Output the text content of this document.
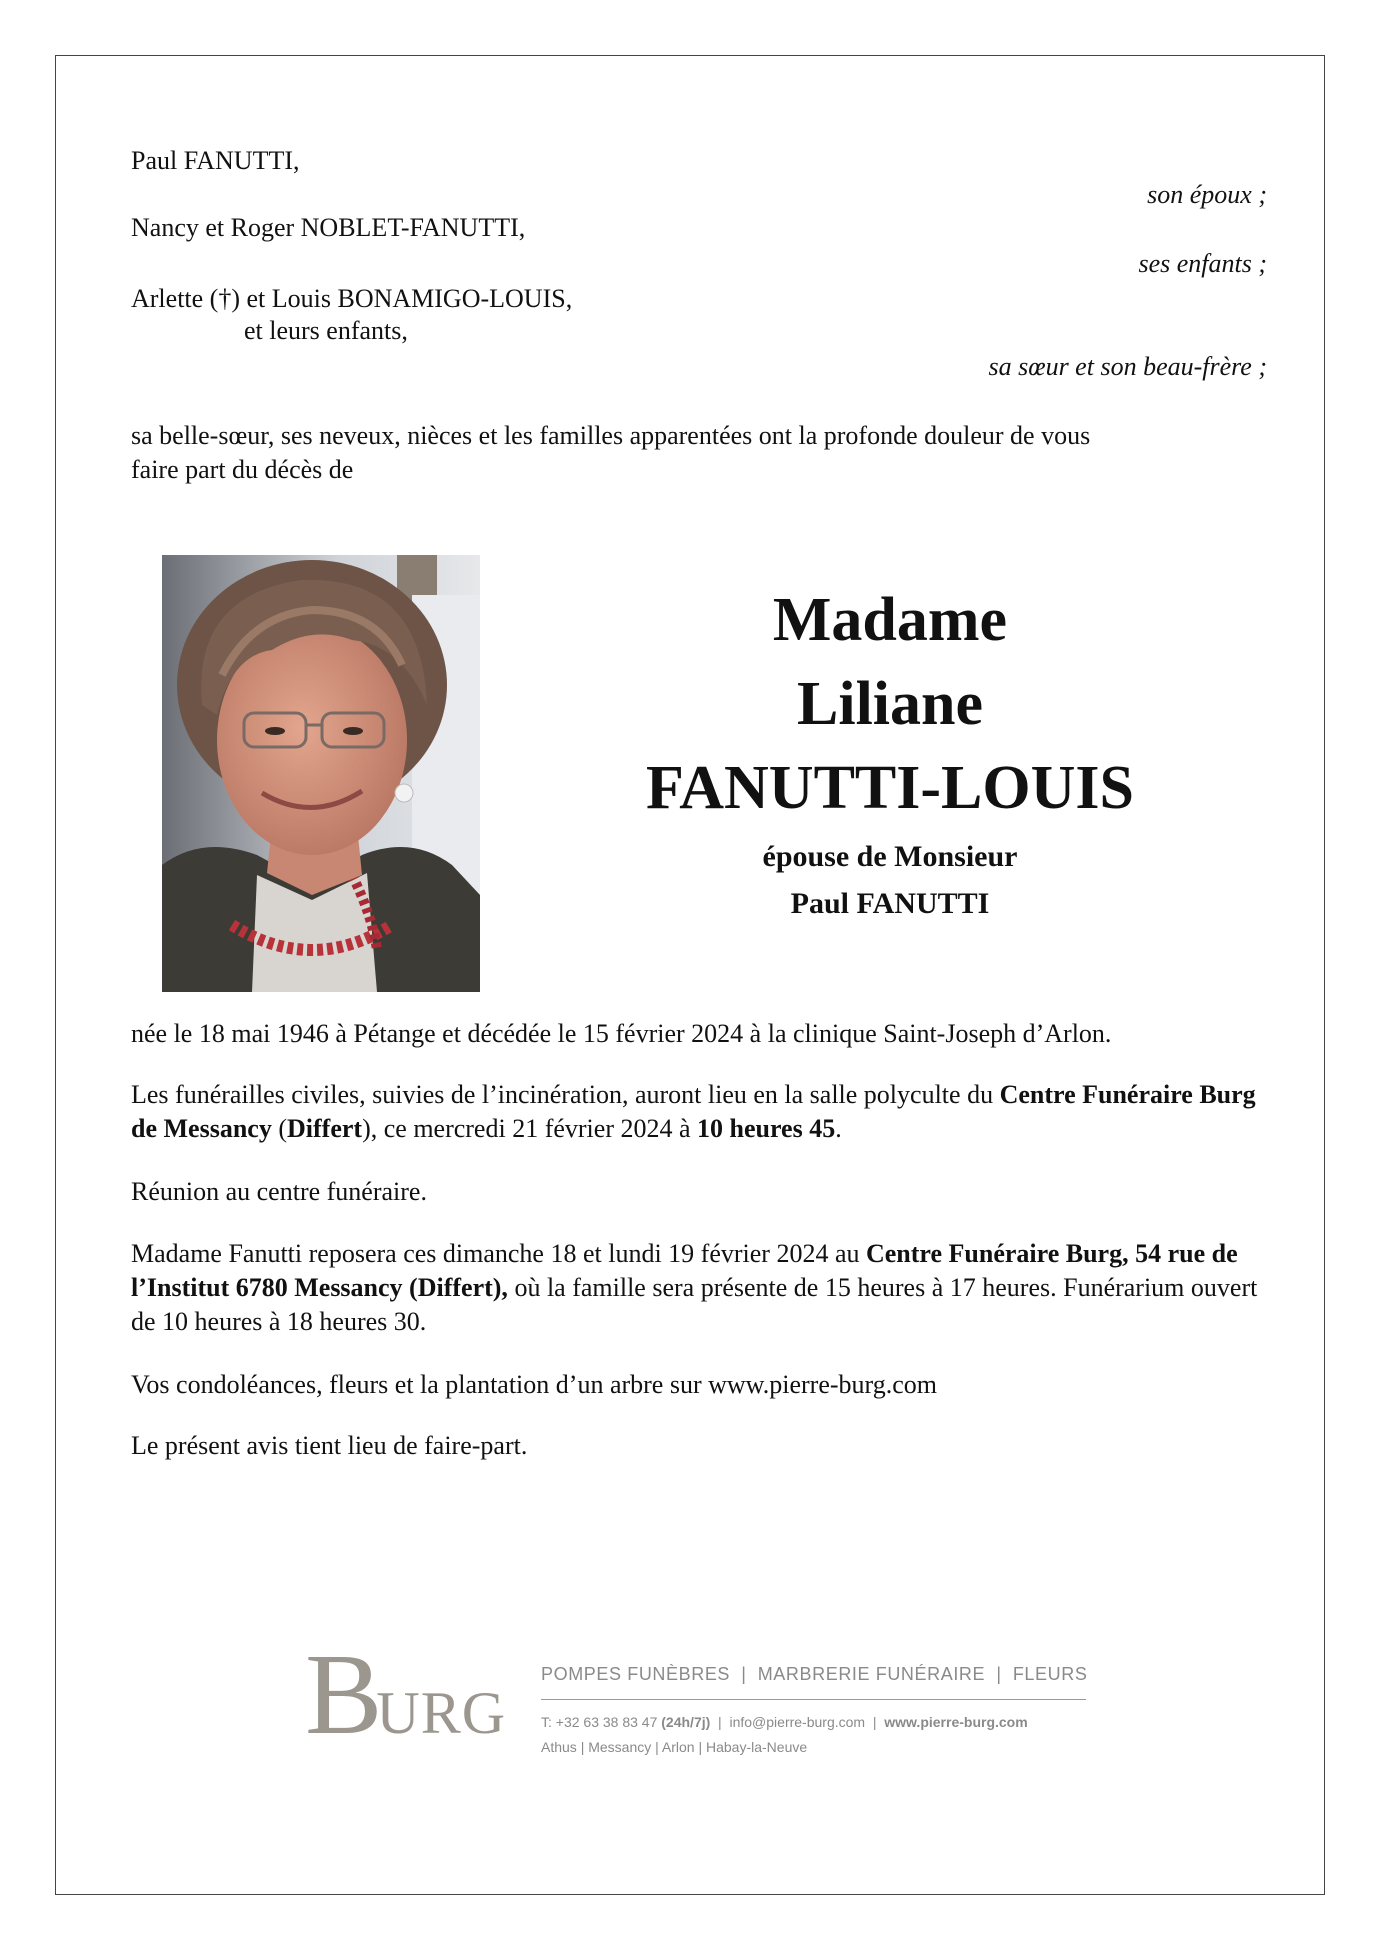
Paul FANUTTI,
son époux ;
Nancy et Roger NOBLET-FANUTTI,
ses enfants ;
Arlette (†) et Louis BONAMIGO-LOUIS,
et leurs enfants,
sa sœur et son beau-frère ;
sa belle-sœur, ses neveux, nièces et les familles apparentées ont la profonde douleur de vous
faire part du décès de
Madame
Liliane
FANUTTI-LOUIS
épouse de Monsieur
Paul FANUTTI
née le 18 mai 1946 à Pétange et décédée le 15 février 2024 à la clinique Saint-Joseph d’Arlon.
Les funérailles civiles, suivies de l’incinération, auront lieu en la salle polyculte du Centre Funéraire Burg de Messancy (Differt), ce mercredi 21 février 2024 à 10 heures 45.
Réunion au centre funéraire.
Madame Fanutti reposera ces dimanche 18 et lundi 19 février 2024 au Centre Funéraire Burg, 54 rue de l’Institut 6780 Messancy (Differt), où la famille sera présente de 15 heures à 17 heures. Funérarium ouvert de 10 heures à 18 heures 30.
Vos condoléances, fleurs et la plantation d’un arbre sur www.pierre-burg.com
Le présent avis tient lieu de faire-part.
BURG
POMPES FUNÈBRES  |  MARBRERIE FUNÉRAIRE  |  FLEURS
T: +32 63 38 83 47 (24h/7j)  |  info@pierre-burg.com  |  www.pierre-burg.com
Athus | Messancy | Arlon | Habay-la-Neuve
